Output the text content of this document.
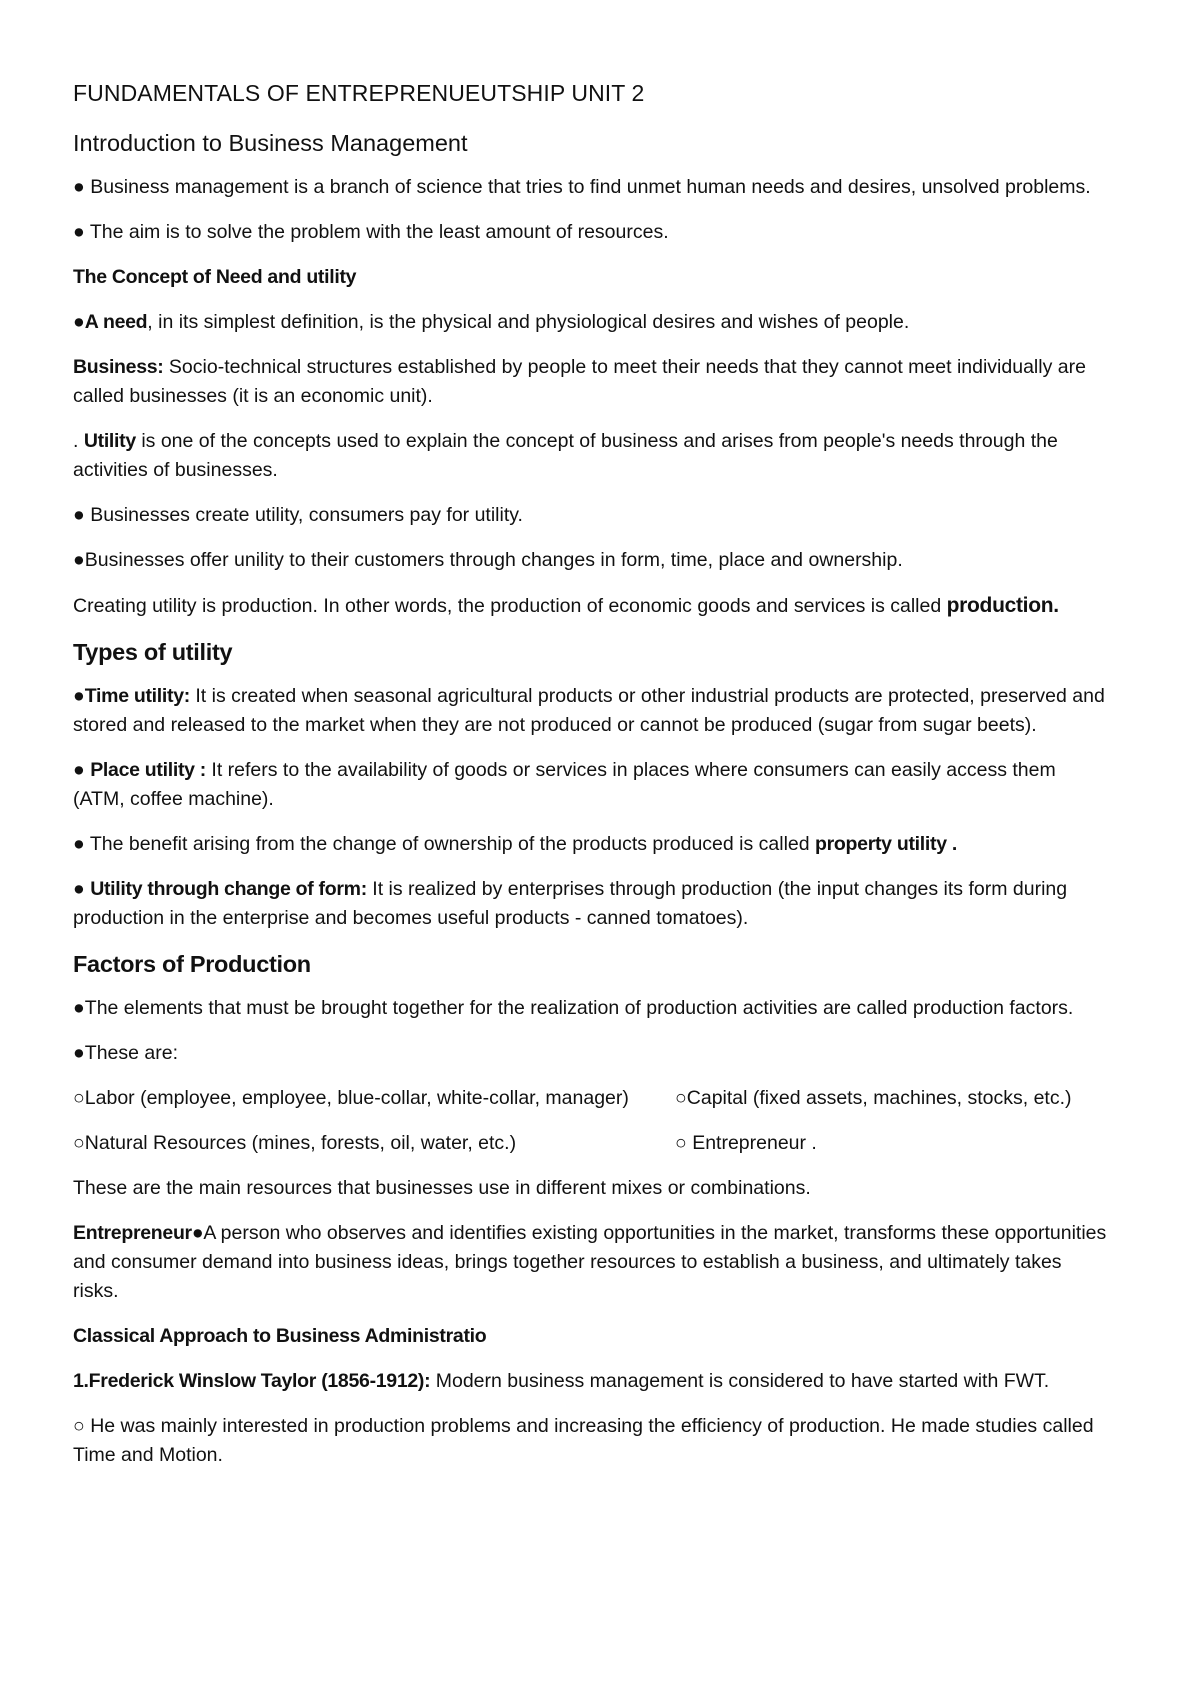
FUNDAMENTALS OF ENTREPRENUEUTSHIP UNIT 2
Introduction to Business Management

● Business management is a branch of science that tries to find unmet human needs and desires, unsolved problems.

● The aim is to solve the problem with the least amount of resources.

The Concept of Need and utility

●A need, in its simplest definition, is the physical and physiological desires and wishes of people.

Business: Socio-technical structures established by people to meet their needs that they cannot meet individually are called businesses (it is an economic unit).

. Utility is one of the concepts used to explain the concept of business and arises from people's needs through the activities of businesses.

● Businesses create utility, consumers pay for utility.

●Businesses offer unility to their customers through changes in form, time, place and ownership.

Creating utility is production. In other words, the production of economic goods and services is called production.

Types of utility

●Time utility: It is created when seasonal agricultural products or other industrial products are protected, preserved and stored and released to the market when they are not produced or cannot be produced (sugar from sugar beets).

● Place utility : It refers to the availability of goods or services in places where consumers can easily access them (ATM, coffee machine).

● The benefit arising from the change of ownership of the products produced is called property utility .

● Utility through change of form: It is realized by enterprises through production (the input changes its form during production in the enterprise and becomes useful products - canned tomatoes).

Factors of Production

●The elements that must be brought together for the realization of production activities are called production factors.

●These are:

○Labor (employee, employee, blue-collar, white-collar, manager)	○Capital (fixed assets, machines, stocks, etc.)
○Natural Resources (mines, forests, oil, water, etc.)	○ Entrepreneur .

These are the main resources that businesses use in different mixes or combinations.

Entrepreneur●A person who observes and identifies existing opportunities in the market, transforms these opportunities and consumer demand into business ideas, brings together resources to establish a business, and ultimately takes risks.

Classical Approach to Business Administratio

1.Frederick Winslow Taylor (1856-1912): Modern business management is considered to have started with FWT.

○ He was mainly interested in production problems and increasing the efficiency of production. He made studies called Time and Motion.
